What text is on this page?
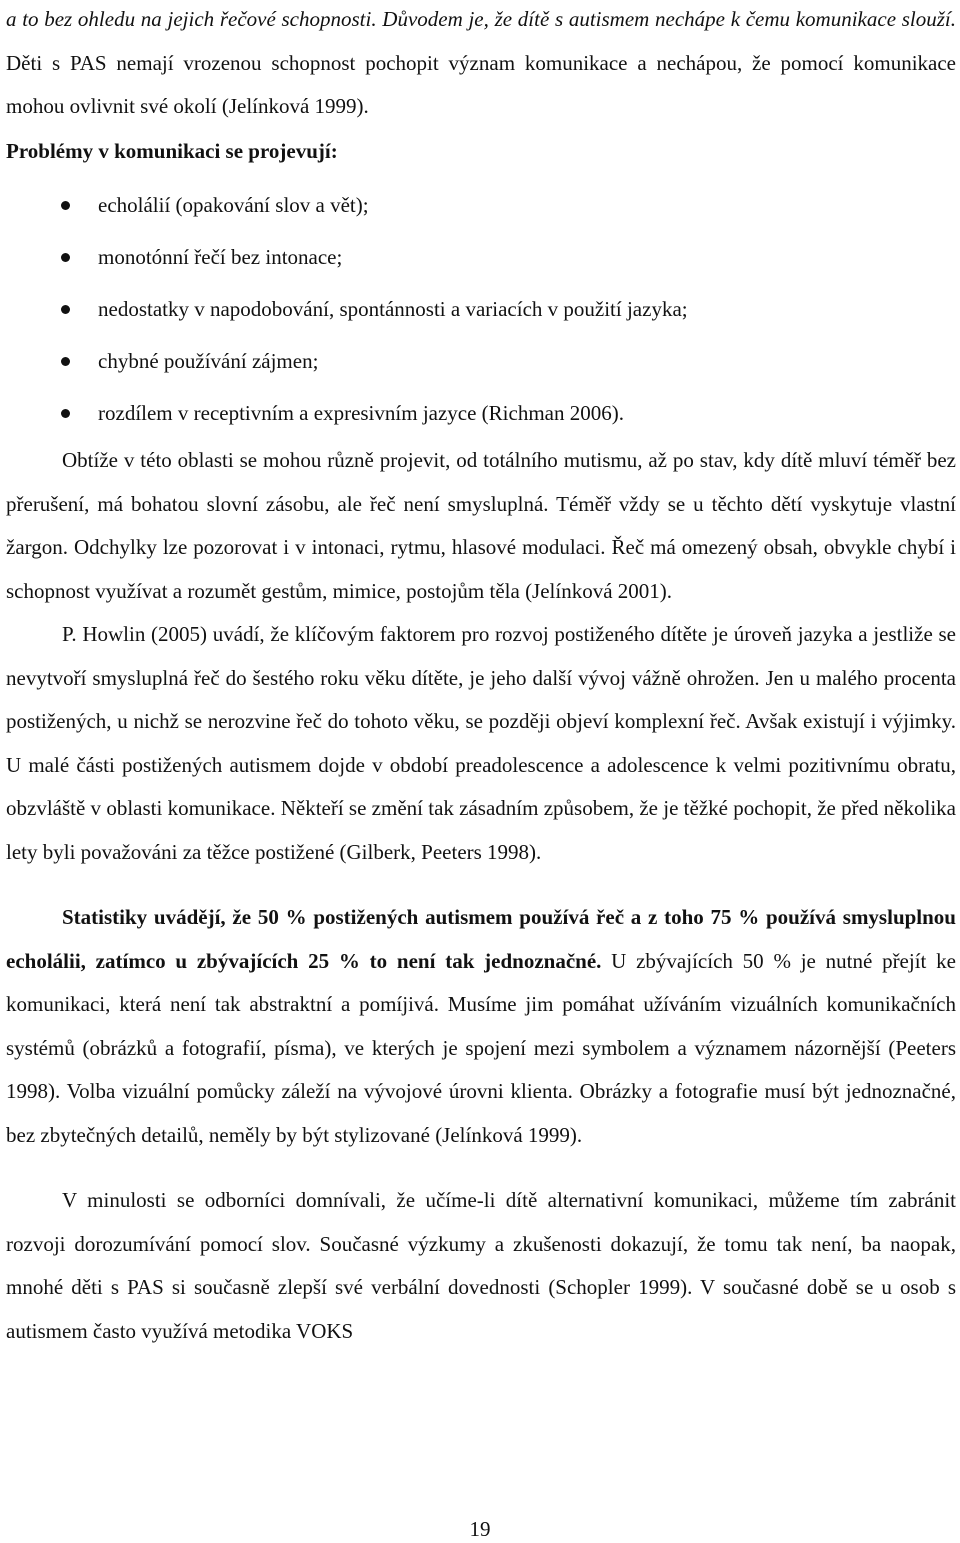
a to bez ohledu na jejich řečové schopnosti. Důvodem je, že dítě s autismem nechápe k čemu komunikace slouží. Děti s PAS nemají vrozenou schopnost pochopit význam komunikace a nechápou, že pomocí komunikace mohou ovlivnit své okolí (Jelínková 1999).

Problémy v komunikaci se projevují:

echolálií (opakování slov a vět);
monotónní řečí bez intonace;
nedostatky v napodobování, spontánnosti a variacích v použití jazyka;
chybné používání zájmen;
rozdílem v receptivním a expresivním jazyce (Richman 2006).

Obtíže v této oblasti se mohou různě projevit, od totálního mutismu, až po stav, kdy dítě mluví téměř bez přerušení, má bohatou slovní zásobu, ale řeč není smysluplná. Téměř vždy se u těchto dětí vyskytuje vlastní žargon. Odchylky lze pozorovat i v intonaci, rytmu, hlasové modulaci. Řeč má omezený obsah, obvykle chybí i schopnost využívat a rozumět gestům, mimice, postojům těla (Jelínková 2001).

P. Howlin (2005) uvádí, že klíčovým faktorem pro rozvoj postiženého dítěte je úroveň jazyka a jestliže se nevytvoří smysluplná řeč do šestého roku věku dítěte, je jeho další vývoj vážně ohrožen. Jen u malého procenta postižených, u nichž se nerozvine řeč do tohoto věku, se později objeví komplexní řeč. Avšak existují i výjimky. U malé části postižených autismem dojde v období preadolescence a adolescence k velmi pozitivnímu obratu, obzvláště v oblasti komunikace. Někteří se změní tak zásadním způsobem, že je těžké pochopit, že před několika lety byli považováni za těžce postižené (Gilberk, Peeters 1998).

Statistiky uvádějí, že 50 % postižených autismem používá řeč a z toho 75 % používá smysluplnou echolálii, zatímco u zbývajících 25 % to není tak jednoznačné. U zbývajících 50 % je nutné přejít ke komunikaci, která není tak abstraktní a pomíjivá. Musíme jim pomáhat užíváním vizuálních komunikačních systémů (obrázků a fotografií, písma), ve kterých je spojení mezi symbolem a významem názornější (Peeters 1998). Volba vizuální pomůcky záleží na vývojové úrovni klienta. Obrázky a fotografie musí být jednoznačné, bez zbytečných detailů, neměly by být stylizované (Jelínková 1999).

V minulosti se odborníci domnívali, že učíme-li dítě alternativní komunikaci, můžeme tím zabránit rozvoji dorozumívání pomocí slov. Současné výzkumy a zkušenosti dokazují, že tomu tak není, ba naopak, mnohé děti s PAS si současně zlepší své verbální dovednosti (Schopler 1999). V současné době se u osob s autismem často využívá metodika VOKS

19
